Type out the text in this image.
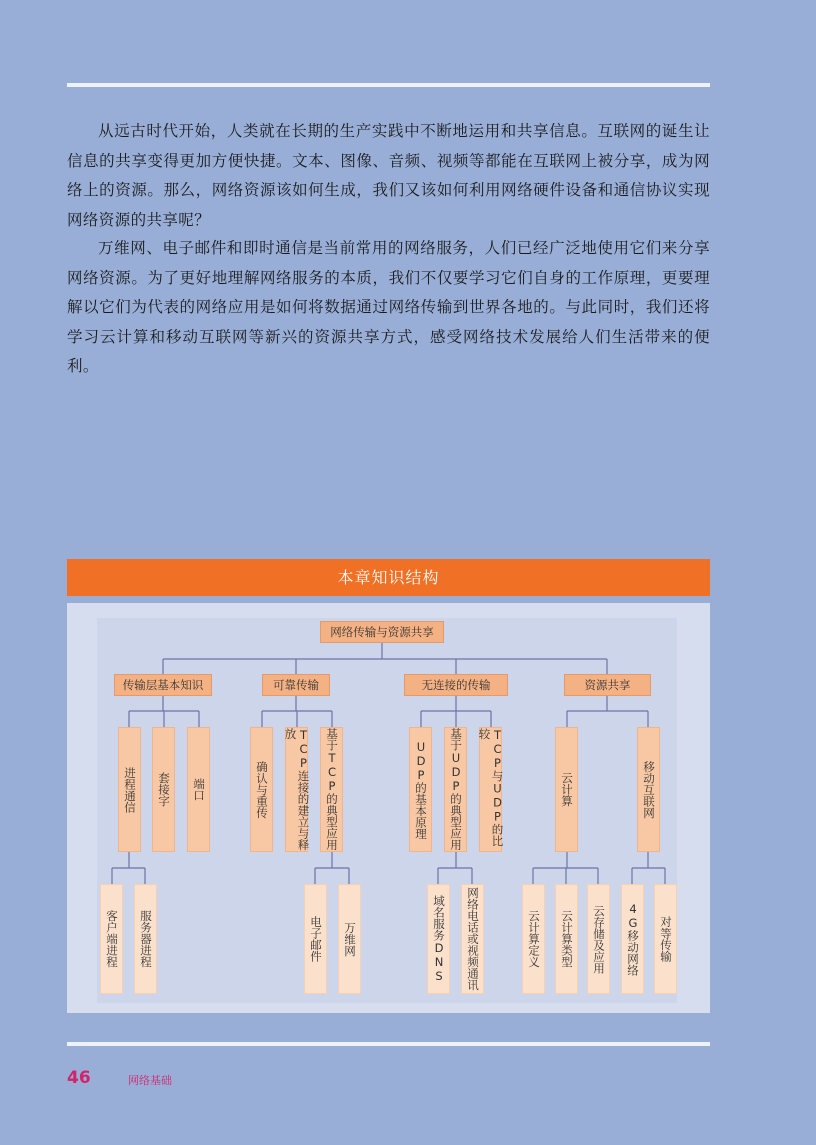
从远古时代开始，人类就在长期的生产实践中不断地运用和共享信息。互联网的诞生让信息的共享变得更加方便快捷。文本、图像、音频、视频等都能在互联网上被分享，成为网络上的资源。那么，网络资源该如何生成，我们又该如何利用网络硬件设备和通信协议实现网络资源的共享呢？
万维网、电子邮件和即时通信是当前常用的网络服务，人们已经广泛地使用它们来分享网络资源。为了更好地理解网络服务的本质，我们不仅要学习它们自身的工作原理，更要理解以它们为代表的网络应用是如何将数据通过网络传输到世界各地的。与此同时，我们还将学习云计算和移动互联网等新兴的资源共享方式，感受网络技术发展给人们生活带来的便利。
本章知识结构
网络传输与资源共享
传输层基本知识	可靠传输	无连接的传输	资源共享
进程通信 套接字 端口	确认与重传	TCP连接的建立与释放	基于TCP的典型应用	UDP的基本原理 基于UDP的典型应用	TCP与UDP的比较
云计算	移动互联网
客户端进程 服务器进程	电子邮件 万维网	域名服务DNS 网络电话或视频通讯	云计算定义 云计算类型 云存储及应用 4G移动网络 对等传输
46	网络基础
